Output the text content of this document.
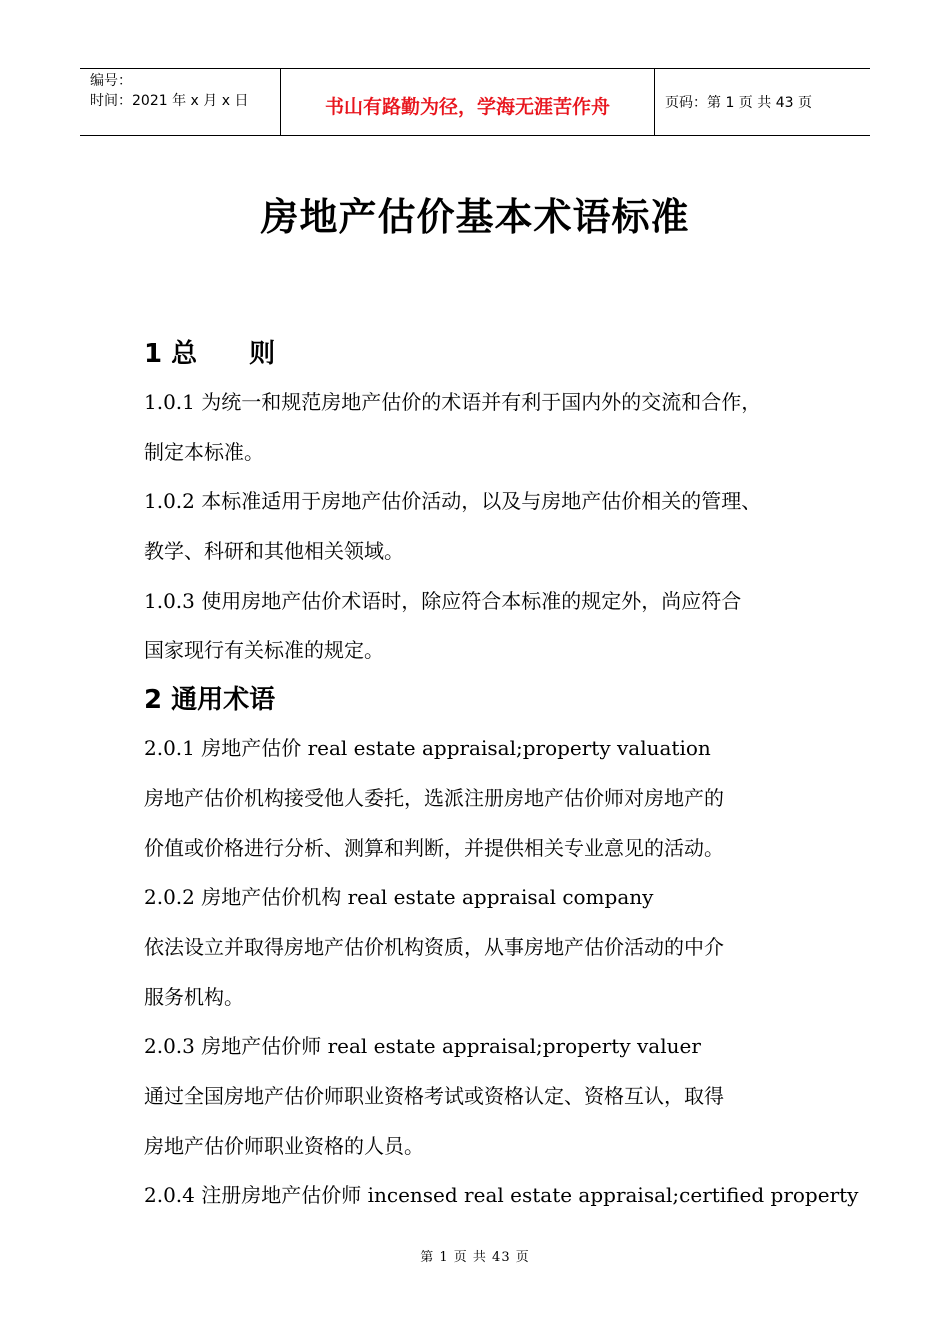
编号：
时间：2021 年 x 月 x 日	书山有路勤为径，学海无涯苦作舟	页码：第 1 页 共 43 页
房地产估价基本术语标准
1 总　　则
1.0.1 为统一和规范房地产估价的术语并有利于国内外的交流和合作，
制定本标准。
1.0.2 本标准适用于房地产估价活动，以及与房地产估价相关的管理、
教学、科研和其他相关领域。
1.0.3 使用房地产估价术语时，除应符合本标准的规定外，尚应符合
国家现行有关标准的规定。
2 通用术语
2.0.1 房地产估价 real estate appraisal;property valuation
房地产估价机构接受他人委托，选派注册房地产估价师对房地产的
价值或价格进行分析、测算和判断，并提供相关专业意见的活动。
2.0.2 房地产估价机构 real estate appraisal company
依法设立并取得房地产估价机构资质，从事房地产估价活动的中介
服务机构。
2.0.3 房地产估价师 real estate appraisal;property valuer
通过全国房地产估价师职业资格考试或资格认定、资格互认，取得
房地产估价师职业资格的人员。
2.0.4 注册房地产估价师 incensed real estate appraisal;certified property
第 1 页 共 43 页
